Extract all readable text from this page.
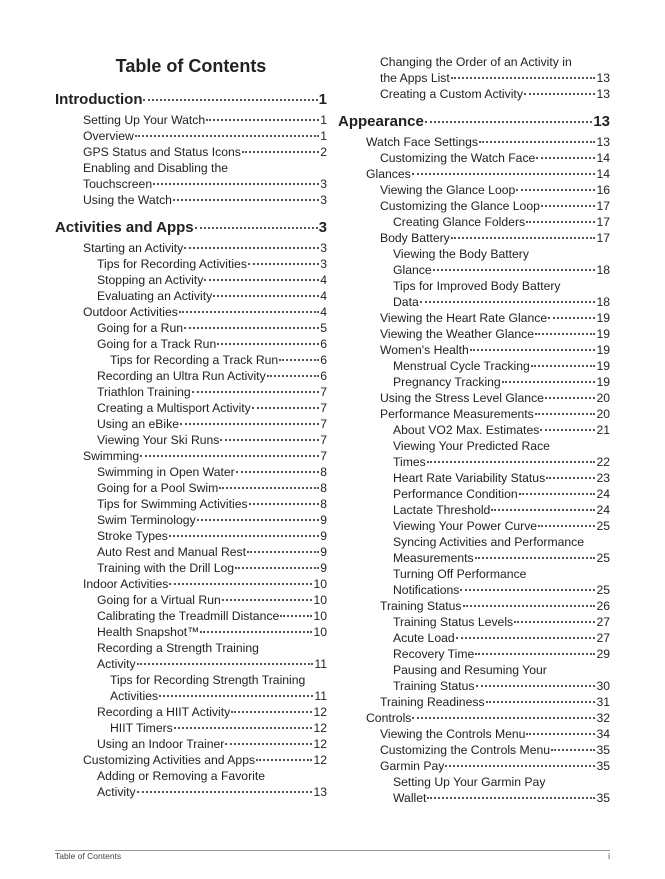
Table of Contents
Introduction	1
Setting Up Your Watch	1
Overview	1
GPS Status and Status Icons	2
Enabling and Disabling the
Touchscreen	3
Using the Watch	3
Activities and Apps	3
Starting an Activity	3
Tips for Recording Activities	3
Stopping an Activity	4
Evaluating an Activity	4
Outdoor Activities	4
Going for a Run	5
Going for a Track Run	6
Tips for Recording a Track Run	6
Recording an Ultra Run Activity	6
Triathlon Training	7
Creating a Multisport Activity	7
Using an eBike	7
Viewing Your Ski Runs	7
Swimming	7
Swimming in Open Water	8
Going for a Pool Swim	8
Tips for Swimming Activities	8
Swim Terminology	9
Stroke Types	9
Auto Rest and Manual Rest	9
Training with the Drill Log	9
Indoor Activities	10
Going for a Virtual Run	10
Calibrating the Treadmill Distance	10
Health Snapshot™	10
Recording a Strength Training
Activity	11
Tips for Recording Strength Training
Activities	11
Recording a HIIT Activity	12
HIIT Timers	12
Using an Indoor Trainer	12
Customizing Activities and Apps	12
Adding or Removing a Favorite
Activity	13
Changing the Order of an Activity in
the Apps List	13
Creating a Custom Activity	13
Appearance	13
Watch Face Settings	13
Customizing the Watch Face	14
Glances	14
Viewing the Glance Loop	16
Customizing the Glance Loop	17
Creating Glance Folders	17
Body Battery	17
Viewing the Body Battery
Glance	18
Tips for Improved Body Battery
Data	18
Viewing the Heart Rate Glance	19
Viewing the Weather Glance	19
Women's Health	19
Menstrual Cycle Tracking	19
Pregnancy Tracking	19
Using the Stress Level Glance	20
Performance Measurements	20
About VO2 Max. Estimates	21
Viewing Your Predicted Race
Times	22
Heart Rate Variability Status	23
Performance Condition	24
Lactate Threshold	24
Viewing Your Power Curve	25
Syncing Activities and Performance
Measurements	25
Turning Off Performance
Notifications	25
Training Status	26
Training Status Levels	27
Acute Load	27
Recovery Time	29
Pausing and Resuming Your
Training Status	30
Training Readiness	31
Controls	32
Viewing the Controls Menu	34
Customizing the Controls Menu	35
Garmin Pay	35
Setting Up Your Garmin Pay
Wallet	35
Table of Contents	i
